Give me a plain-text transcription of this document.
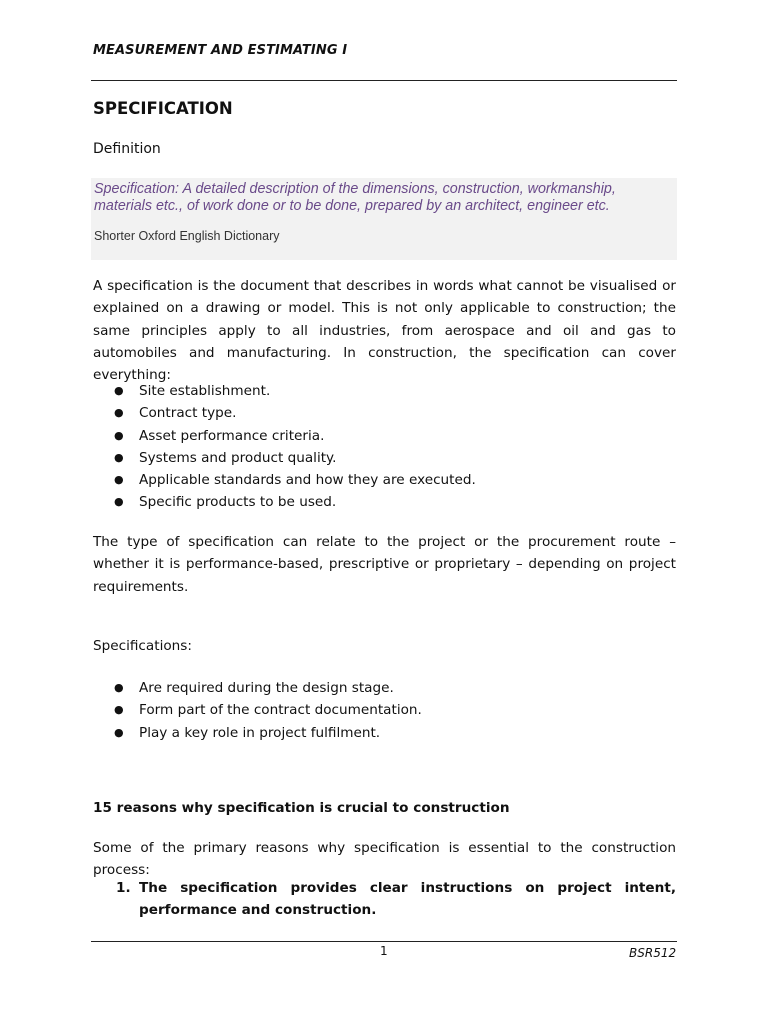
MEASUREMENT AND ESTIMATING I
SPECIFICATION
Definition
Specification: A detailed description of the dimensions, construction, workmanship, materials etc., of work done or to be done, prepared by an architect, engineer etc.
Shorter Oxford English Dictionary
A specification is the document that describes in words what cannot be visualised or explained on a drawing or model. This is not only applicable to construction; the same principles apply to all industries, from aerospace and oil and gas to automobiles and manufacturing. In construction, the specification can cover everything:
● Site establishment.
● Contract type.
● Asset performance criteria.
● Systems and product quality.
● Applicable standards and how they are executed.
● Specific products to be used.
The type of specification can relate to the project or the procurement route – whether it is performance-based, prescriptive or proprietary – depending on project requirements.
Specifications:
● Are required during the design stage.
● Form part of the contract documentation.
● Play a key role in project fulfilment.
15 reasons why specification is crucial to construction
Some of the primary reasons why specification is essential to the construction process:
1. The specification provides clear instructions on project intent, performance and construction.
1	BSR512
